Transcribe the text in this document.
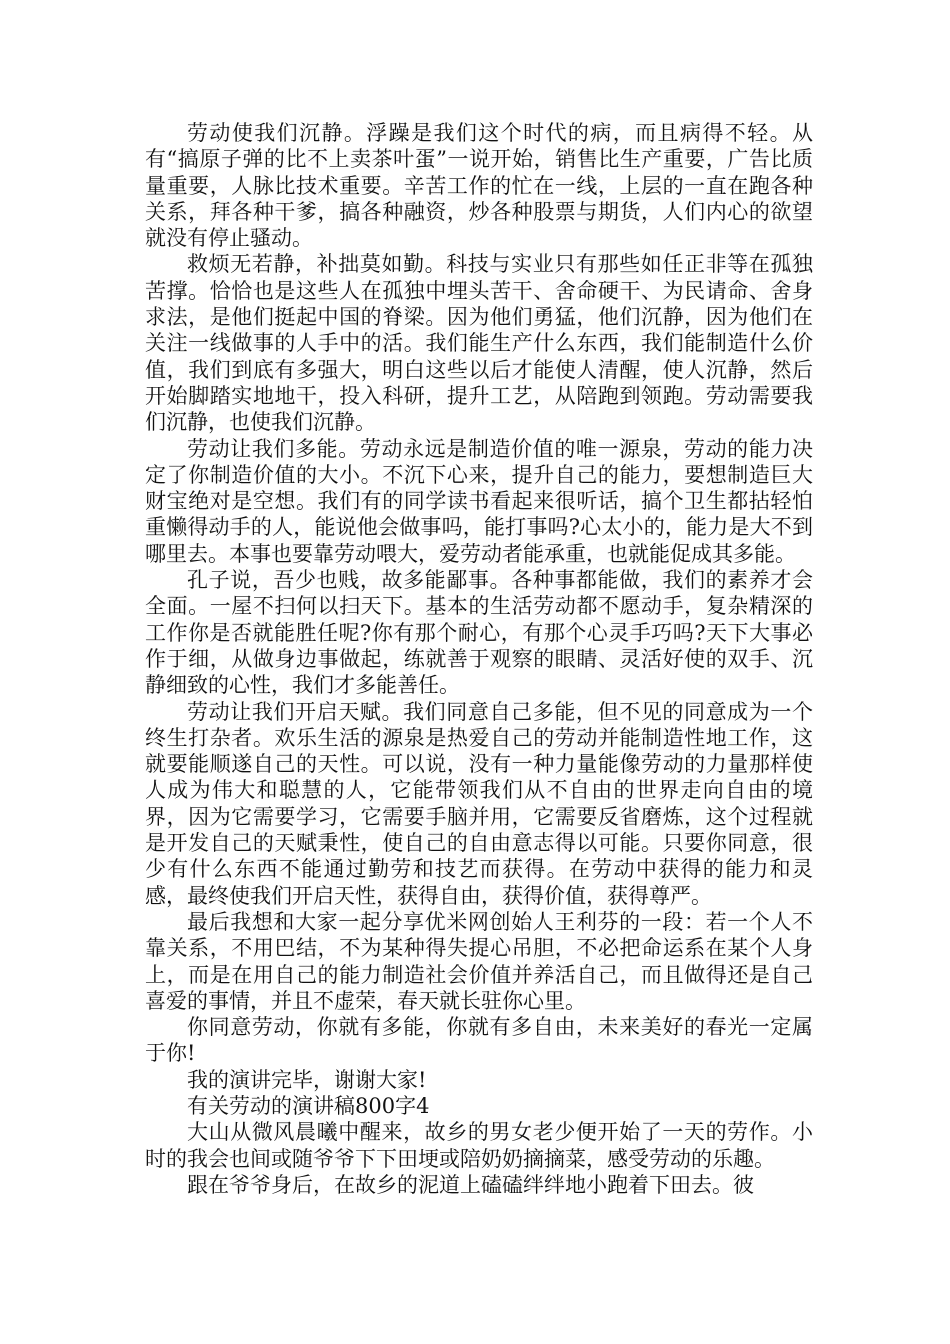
劳动使我们沉静。浮躁是我们这个时代的病，而且病得不轻。从有“搞原子弹的比不上卖茶叶蛋”一说开始，销售比生产重要，广告比质量重要，人脉比技术重要。辛苦工作的忙在一线，上层的一直在跑各种关系，拜各种干爹，搞各种融资，炒各种股票与期货，人们内心的欲望就没有停止骚动。

救烦无若静，补拙莫如勤。科技与实业只有那些如任正非等在孤独苦撑。恰恰也是这些人在孤独中埋头苦干、舍命硬干、为民请命、舍身求法，是他们挺起中国的脊梁。因为他们勇猛，他们沉静，因为他们在关注一线做事的人手中的活。我们能生产什么东西，我们能制造什么价值，我们到底有多强大，明白这些以后才能使人清醒，使人沉静，然后开始脚踏实地地干，投入科研，提升工艺，从陪跑到领跑。劳动需要我们沉静，也使我们沉静。

劳动让我们多能。劳动永远是制造价值的唯一源泉，劳动的能力决定了你制造价值的大小。不沉下心来，提升自己的能力，要想制造巨大财宝绝对是空想。我们有的同学读书看起来很听话，搞个卫生都拈轻怕重懒得动手的人，能说他会做事吗，能打事吗?心太小的，能力是大不到哪里去。本事也要靠劳动喂大，爱劳动者能承重，也就能促成其多能。

孔子说，吾少也贱，故多能鄙事。各种事都能做，我们的素养才会全面。一屋不扫何以扫天下。基本的生活劳动都不愿动手，复杂精深的工作你是否就能胜任呢?你有那个耐心，有那个心灵手巧吗?天下大事必作于细，从做身边事做起，练就善于观察的眼睛、灵活好使的双手、沉静细致的心性，我们才多能善任。

劳动让我们开启天赋。我们同意自己多能，但不见的同意成为一个终生打杂者。欢乐生活的源泉是热爱自己的劳动并能制造性地工作，这就要能顺遂自己的天性。可以说，没有一种力量能像劳动的力量那样使人成为伟大和聪慧的人，它能带领我们从不自由的世界走向自由的境界，因为它需要学习，它需要手脑并用，它需要反省磨炼，这个过程就是开发自己的天赋秉性，使自己的自由意志得以可能。只要你同意，很少有什么东西不能通过勤劳和技艺而获得。在劳动中获得的能力和灵感，最终使我们开启天性，获得自由，获得价值，获得尊严。

最后我想和大家一起分享优米网创始人王利芬的一段：若一个人不靠关系，不用巴结，不为某种得失提心吊胆，不必把命运系在某个人身上，而是在用自己的能力制造社会价值并养活自己，而且做得还是自己喜爱的事情，并且不虚荣，春天就长驻你心里。

你同意劳动，你就有多能，你就有多自由，未来美好的春光一定属于你!

我的演讲完毕，谢谢大家!

有关劳动的演讲稿800字4

大山从微风晨曦中醒来，故乡的男女老少便开始了一天的劳作。小时的我会也间或随爷爷下下田埂或陪奶奶摘摘菜，感受劳动的乐趣。

跟在爷爷身后，在故乡的泥道上磕磕绊绊地小跑着下田去。彼
